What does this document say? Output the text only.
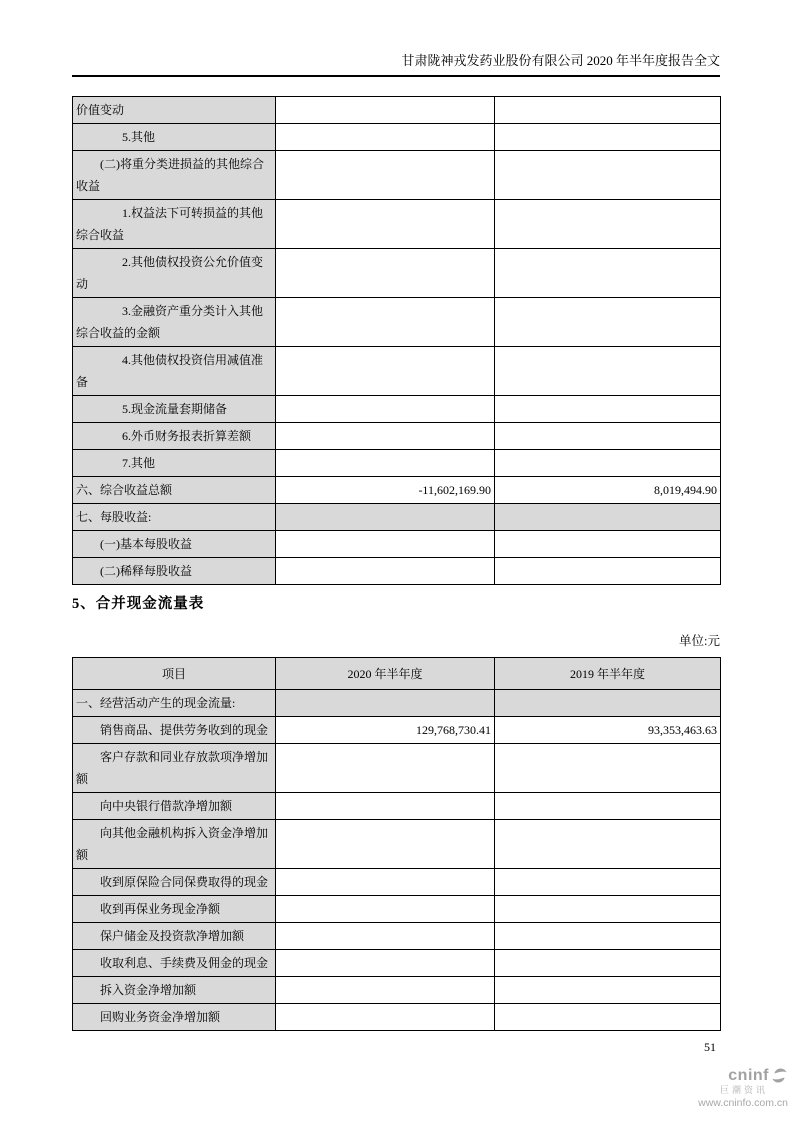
甘肃陇神戎发药业股份有限公司 2020 年半年度报告全文
价值变动		
5.其他		
(二)将重分类进损益的其他综合收益		
1.权益法下可转损益的其他综合收益		
2.其他债权投资公允价值变动		
3.金融资产重分类计入其他综合收益的金额		
4.其他债权投资信用减值准备		
5.现金流量套期储备		
6.外币财务报表折算差额		
7.其他		
六、综合收益总额	-11,602,169.90	8,019,494.90
七、每股收益:		
(一)基本每股收益		
(二)稀释每股收益		
5、合并现金流量表
单位:元
项目	2020 年半年度	2019 年半年度
一、经营活动产生的现金流量:		
销售商品、提供劳务收到的现金	129,768,730.41	93,353,463.63
客户存款和同业存放款项净增加额		
向中央银行借款净增加额		
向其他金融机构拆入资金净增加额		
收到原保险合同保费取得的现金		
收到再保业务现金净额		
保户储金及投资款净增加额		
收取利息、手续费及佣金的现金		
拆入资金净增加额		
回购业务资金净增加额		
51
cninf
巨潮资讯
www.cninfo.com.cn
